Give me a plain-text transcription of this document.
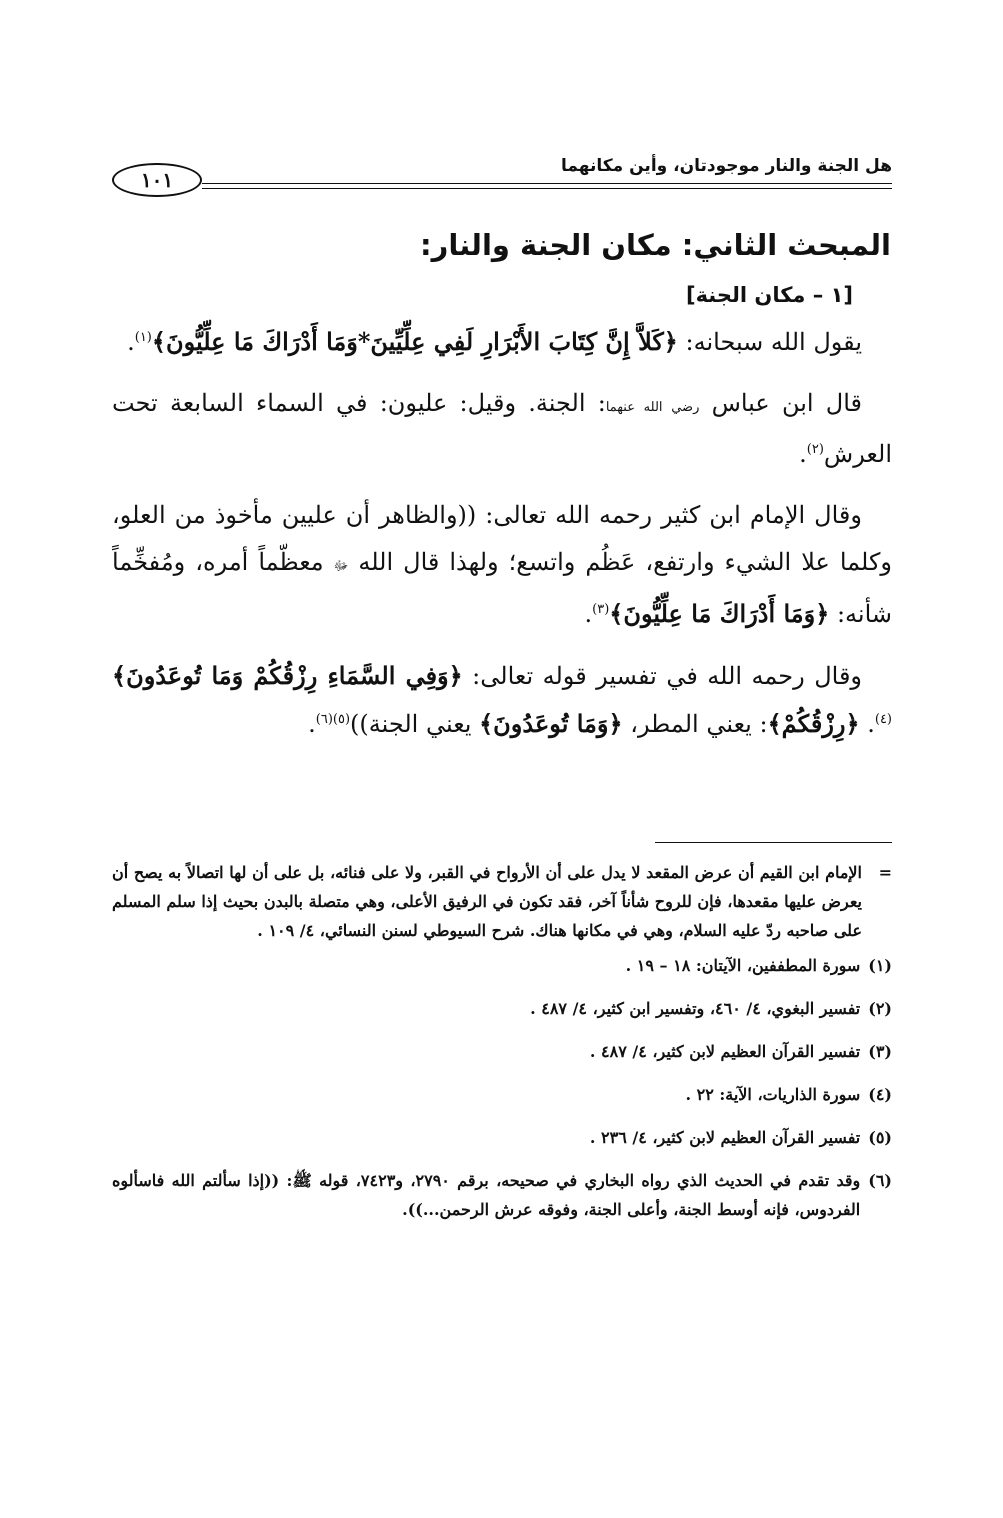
هل الجنة والنار موجودتان، وأين مكانهما
١٠١
المبحث الثاني: مكان الجنة والنار:
[١ – مكان الجنة]

يقول الله سبحانه: ﴿كَلاَّ إِنَّ كِتَابَ الأَبْرَارِ لَفِي عِلِّيِّينَ*وَمَا أَدْرَاكَ مَا عِلِّيُّونَ﴾$^{(١)}$.

قال ابن عباس رضي الله عنهما: الجنة. وقيل: عليون: في السماء السابعة تحت العرش$^{(٢)}$.

وقال الإمام ابن كثير رحمه الله تعالى: ((والظاهر أن عليين مأخوذ من العلو، وكلما علا الشيء وارتفع، عَظُم واتسع؛ ولهذا قال الله ﷻ معظّماً أمره، ومُفخِّماً شأنه: ﴿وَمَا أَدْرَاكَ مَا عِلِّيُّونَ﴾$^{(٣)}$.

وقال رحمه الله في تفسير قوله تعالى: ﴿وَفِي السَّمَاءِ رِزْقُكُمْ وَمَا تُوعَدُونَ﴾$^{(٤)}$. ﴿رِزْقُكُمْ﴾: يعني المطر، ﴿وَمَا تُوعَدُونَ﴾ يعني الجنة))$^{(٥)(٦)}$.

=
الإمام ابن القيم أن عرض المقعد لا يدل على أن الأرواح في القبر، ولا على فنائه، بل على أن لها اتصالاً به يصح أن يعرض عليها مقعدها، فإن للروح شأناً آخر، فقد تكون في الرفيق الأعلى، وهي متصلة بالبدن بحيث إذا سلم المسلم على صاحبه ردّ عليه السلام، وهي في مكانها هناك. شرح السيوطي لسنن النسائي، ٤/ ١٠٩ .
(١)
سورة المطففين، الآيتان: ١٨ – ١٩ .
(٢)
تفسير البغوي، ٤/ ٤٦٠، وتفسير ابن كثير، ٤/ ٤٨٧ .
(٣)
تفسير القرآن العظيم لابن كثير، ٤/ ٤٨٧ .
(٤)
سورة الذاريات، الآية: ٢٢ .
(٥)
تفسير القرآن العظيم لابن كثير، ٤/ ٢٣٦ .
(٦)
وقد تقدم في الحديث الذي رواه البخاري في صحيحه، برقم ٢٧٩٠، و٧٤٢٣، قوله ﷺ: ((إذا سألتم الله فاسألوه الفردوس، فإنه أوسط الجنة، وأعلى الجنة، وفوقه عرش الرحمن...)).
